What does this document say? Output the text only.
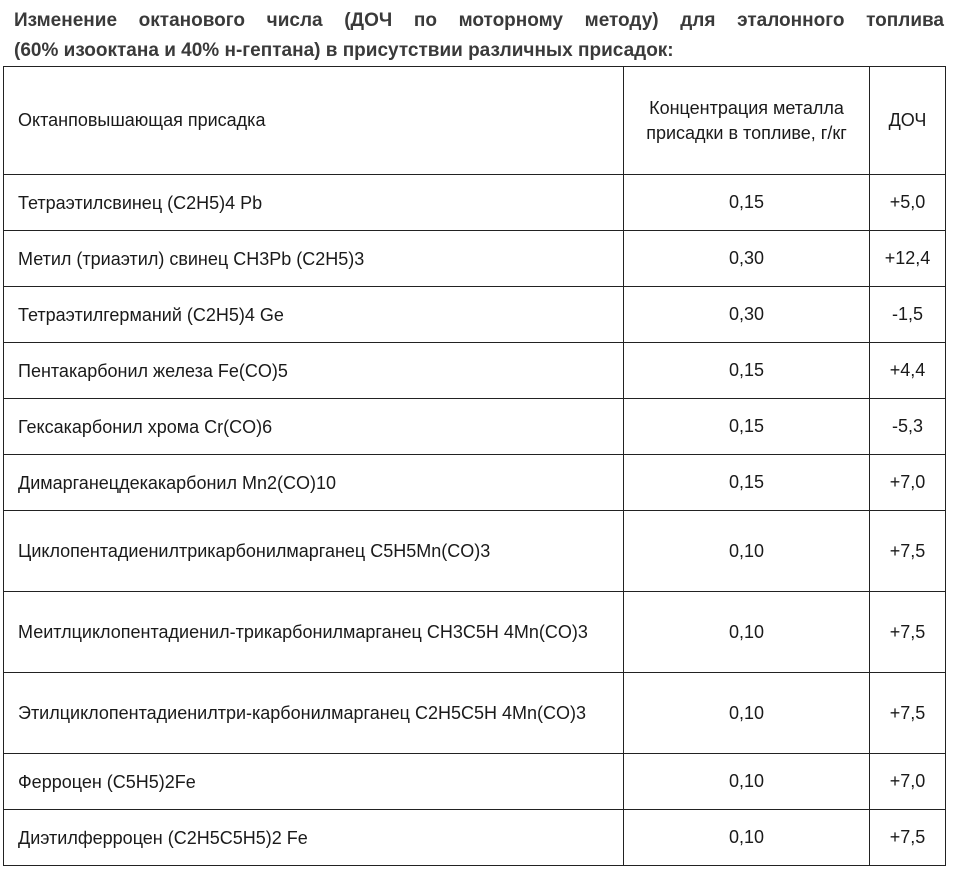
Изменение октанового числа (ДОЧ по моторному методу) для эталонного топлива
(60% изооктана и 40% н-гептана) в присутствии различных присадок:
Октанповышающая присадка	Концентрация металла присадки в топливе, г/кг	ДОЧ
Тетраэтилсвинец (C2H5)4 Pb	0,15	+5,0
Метил (триаэтил) свинец CH3Pb (C2H5)3	0,30	+12,4
Тетраэтилгерманий (C2H5)4 Ge	0,30	-1,5
Пентакарбонил железа Fe(CO)5	0,15	+4,4
Гексакарбонил хрома Cr(CO)6	0,15	-5,3
Димарганецдекакарбонил Mn2(CO)10	0,15	+7,0
Циклопентадиенилтрикарбонилмарганец C5H5Mn(CO)3	0,10	+7,5
Меитлциклопентадиенил-трикарбонилмарганец CH3C5H 4Mn(CO)3	0,10	+7,5
Этилциклопентадиенилтри-карбонилмарганец C2H5C5H 4Mn(CO)3	0,10	+7,5
Ферроцен (C5H5)2Fe	0,10	+7,0
Диэтилферроцен (C2H5C5H5)2 Fe	0,10	+7,5
